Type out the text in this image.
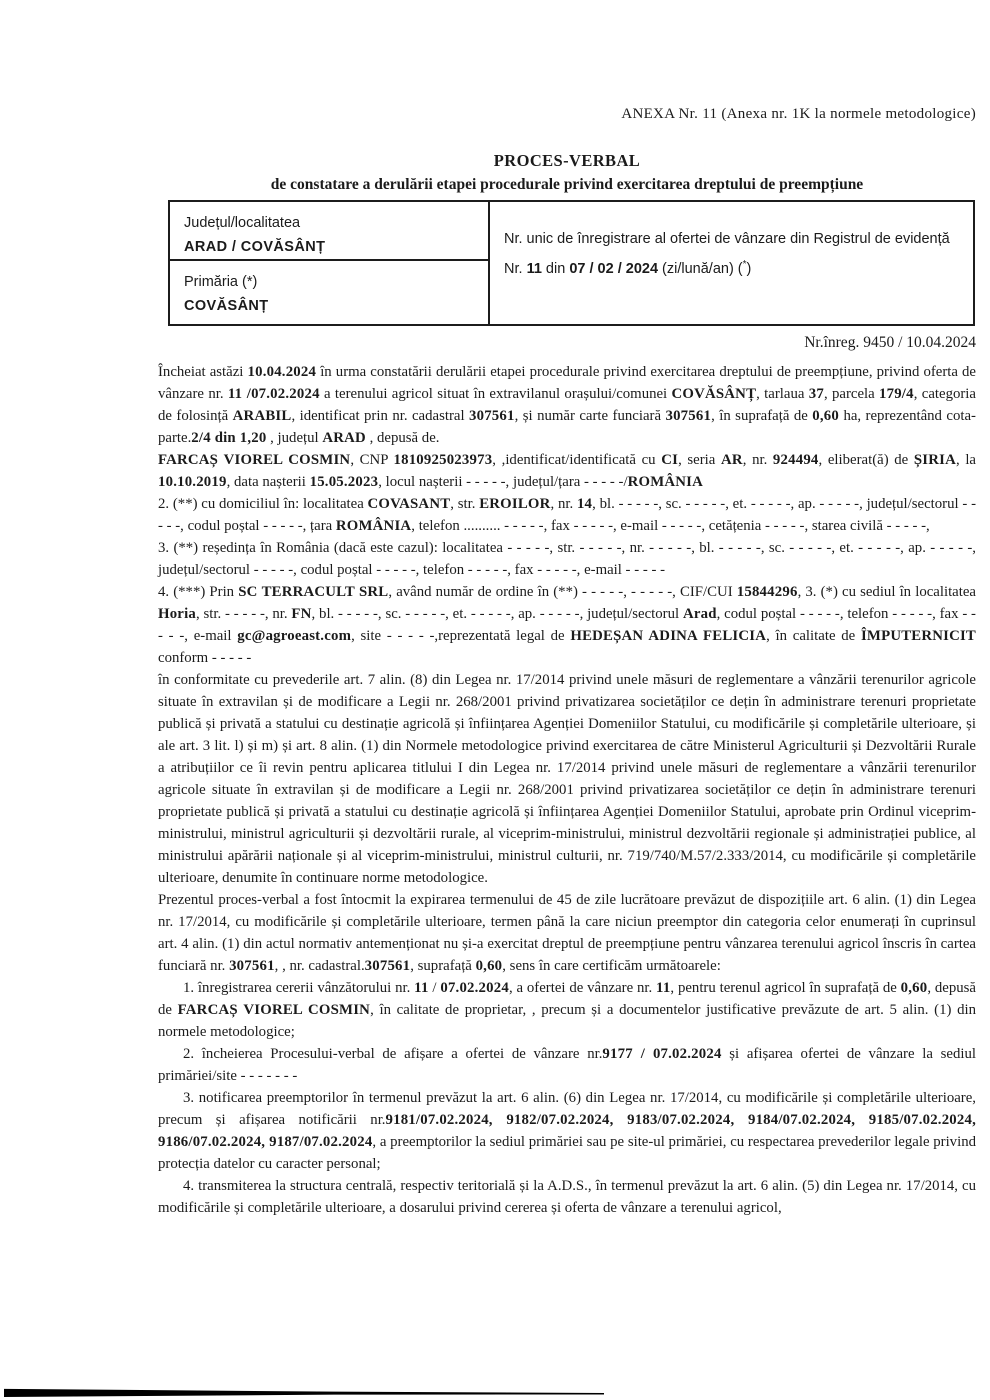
ANEXA Nr. 11 (Anexa nr. 1K la normele metodologice)
PROCES-VERBAL
de constatare a derulării etapei procedurale privind exercitarea dreptului de preempțiune
Județul/localitatea
ARAD / COVĂSÂNȚ
Primăria (*)
COVĂSÂNȚ
Nr. unic de înregistrare al ofertei de vânzare din Registrul de evidență
Nr. 11 din 07 / 02 / 2024 (zi/lună/an) (*)
Nr.înreg. 9450 / 10.04.2024

Încheiat astăzi 10.04.2024 în urma constatării derulării etapei procedurale privind exercitarea dreptului de preempțiune, privind oferta de vânzare nr. 11 /07.02.2024 a terenului agricol situat în extravilanul orașului/comunei COVĂSÂNȚ, tarlaua 37, parcela 179/4, categoria de folosință ARABIL, identificat prin nr. cadastral 307561, și număr carte funciară 307561, în suprafață de 0,60 ha, reprezentând cota-parte.2/4 din 1,20 , județul ARAD , depusă de.

FARCAȘ VIOREL COSMIN, CNP 1810925023973, ,identificat/identificată cu CI, seria AR, nr. 924494, eliberat(ă) de ȘIRIA, la 10.10.2019, data nașterii 15.05.2023, locul nașterii - - - - -, județul/țara - - - - -/ROMÂNIA

2. (**) cu domiciliul în: localitatea COVASANT, str. EROILOR, nr. 14, bl. - - - - -, sc. - - - - -, et. - - - - -, ap. - - - - -, județul/sectorul - - - - -, codul poștal - - - - -, țara ROMÂNIA, telefon .......... - - - - -, fax - - - - -, e-mail - - - - -, cetățenia - - - - -, starea civilă - - - - -,

3. (**) reședința în România (dacă este cazul): localitatea - - - - -, str. - - - - -, nr. - - - - -, bl. - - - - -, sc. - - - - -, et. - - - - -, ap. - - - - -, județul/sectorul - - - - -, codul poștal - - - - -, telefon - - - - -, fax - - - - -, e-mail - - - - -

4. (***) Prin SC TERRACULT SRL, având număr de ordine în (**) - - - - -, - - - - -, CIF/CUI 15844296, 3. (*) cu sediul în localitatea Horia, str. - - - - -, nr. FN, bl. - - - - -, sc. - - - - -, et. - - - - -, ap. - - - - -, județul/sectorul Arad, codul poștal - - - - -, telefon - - - - -, fax - - - - -, e-mail gc@agroeast.com, site - - - - -,reprezentată legal de HEDEȘAN ADINA FELICIA, în calitate de ÎMPUTERNICIT conform - - - - -

în conformitate cu prevederile art. 7 alin. (8) din Legea nr. 17/2014 privind unele măsuri de reglementare a vânzării terenurilor agricole situate în extravilan și de modificare a Legii nr. 268/2001 privind privatizarea societăților ce dețin în administrare terenuri proprietate publică și privată a statului cu destinație agricolă și înființarea Agenției Domeniilor Statului, cu modificările și completările ulterioare, și ale art. 3 lit. l) și m) și art. 8 alin. (1) din Normele metodologice privind exercitarea de către Ministerul Agriculturii și Dezvoltării Rurale a atribuțiilor ce îi revin pentru aplicarea titlului I din Legea nr. 17/2014 privind unele măsuri de reglementare a vânzării terenurilor agricole situate în extravilan și de modificare a Legii nr. 268/2001 privind privatizarea societăților ce dețin în administrare terenuri proprietate publică și privată a statului cu destinație agricolă și înființarea Agenției Domeniilor Statului, aprobate prin Ordinul viceprim-ministrului, ministrul agriculturii și dezvoltării rurale, al viceprim-ministrului, ministrul dezvoltării regionale și administrației publice, al ministrului apărării naționale și al viceprim-ministrului, ministrul culturii, nr. 719/740/M.57/2.333/2014, cu modificările și completările ulterioare, denumite în continuare norme metodologice.

Prezentul proces-verbal a fost întocmit la expirarea termenului de 45 de zile lucrătoare prevăzut de dispozițiile art. 6 alin. (1) din Legea nr. 17/2014, cu modificările și completările ulterioare, termen până la care niciun preemptor din categoria celor enumerați în cuprinsul art. 4 alin. (1) din actul normativ antemenționat nu și-a exercitat dreptul de preempțiune pentru vânzarea terenului agricol înscris în cartea funciară nr. 307561, , nr. cadastral.307561, suprafață 0,60, sens în care certificăm următoarele:

1. înregistrarea cererii vânzătorului nr. 11 / 07.02.2024, a ofertei de vânzare nr. 11, pentru terenul agricol în suprafață de 0,60, depusă de FARCAȘ VIOREL COSMIN, în calitate de proprietar, , precum și a documentelor justificative prevăzute de art. 5 alin. (1) din normele metodologice;

2. încheierea Procesului-verbal de afișare a ofertei de vânzare nr.9177 / 07.02.2024 și afișarea ofertei de vânzare la sediul primăriei/site - - - - - - -

3. notificarea preemptorilor în termenul prevăzut la art. 6 alin. (6) din Legea nr. 17/2014, cu modificările și completările ulterioare, precum și afișarea notificării nr.9181/07.02.2024, 9182/07.02.2024, 9183/07.02.2024, 9184/07.02.2024, 9185/07.02.2024, 9186/07.02.2024, 9187/07.02.2024, a preemptorilor la sediul primăriei sau pe site-ul primăriei, cu respectarea prevederilor legale privind protecția datelor cu caracter personal;

4. transmiterea la structura centrală, respectiv teritorială și la A.D.S., în termenul prevăzut la art. 6 alin. (5) din Legea nr. 17/2014, cu modificările și completările ulterioare, a dosarului privind cererea și oferta de vânzare a terenului agricol,
